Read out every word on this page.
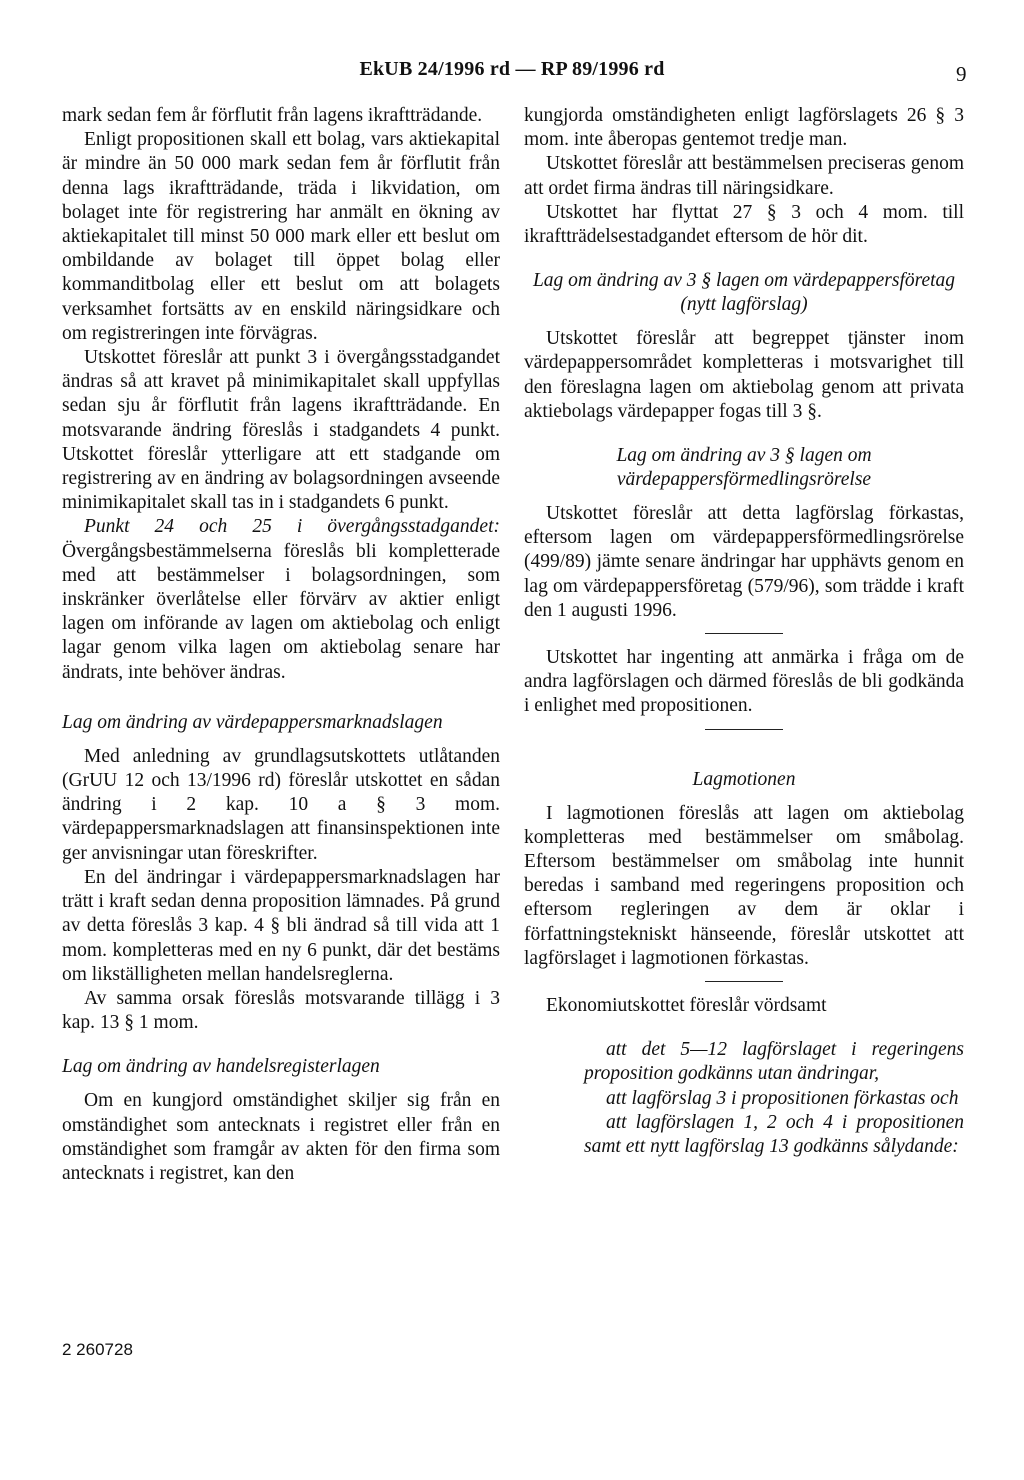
EkUB 24/1996 rd — RP 89/1996 rd	9

mark sedan fem år förflutit från lagens ikraftträdande.

Enligt propositionen skall ett bolag, vars aktiekapital är mindre än 50 000 mark sedan fem år förflutit från denna lags ikraftträdande, träda i likvidation, om bolaget inte för registrering har anmält en ökning av aktiekapitalet till minst 50 000 mark eller ett beslut om ombildande av bolaget till öppet bolag eller kommanditbolag eller ett beslut om att bolagets verksamhet fortsätts av en enskild näringsidkare och om registreringen inte förvägras.

Utskottet föreslår att punkt 3 i övergångsstadgandet ändras så att kravet på minimikapitalet skall uppfyllas sedan sju år förflutit från lagens ikraftträdande. En motsvarande ändring föreslås i stadgandets 4 punkt. Utskottet föreslår ytterligare att ett stadgande om registrering av en ändring av bolagsordningen avseende minimikapitalet skall tas in i stadgandets 6 punkt.

Punkt 24 och 25 i övergångsstadgandet: Övergångsbestämmelserna föreslås bli kompletterade med att bestämmelser i bolagsordningen, som inskränker överlåtelse eller förvärv av aktier enligt lagen om införande av lagen om aktiebolag och enligt lagar genom vilka lagen om aktiebolag senare har ändrats, inte behöver ändras.

Lag om ändring av värdepappersmarknadslagen

Med anledning av grundlagsutskottets utlåtanden (GrUU 12 och 13/1996 rd) föreslår utskottet en sådan ändring i 2 kap. 10 a § 3 mom. värdepappersmarknadslagen att finansinspektionen inte ger anvisningar utan föreskrifter.

En del ändringar i värdepappersmarknadslagen har trätt i kraft sedan denna proposition lämnades. På grund av detta föreslås 3 kap. 4 § bli ändrad så till vida att 1 mom. kompletteras med en ny 6 punkt, där det bestäms om likställigheten mellan handelsreglerna.

Av samma orsak föreslås motsvarande tillägg i 3 kap. 13 § 1 mom.

Lag om ändring av handelsregisterlagen

Om en kungjord omständighet skiljer sig från en omständighet som antecknats i registret eller från en omständighet som framgår av akten för den firma som antecknats i registret, kan den

kungjorda omständigheten enligt lagförslagets 26 § 3 mom. inte åberopas gentemot tredje man.

Utskottet föreslår att bestämmelsen preciseras genom att ordet firma ändras till näringsidkare.

Utskottet har flyttat 27 § 3 och 4 mom. till ikraftträdelsestadgandet eftersom de hör dit.

Lag om ändring av 3 § lagen om värdepappersföretag (nytt lagförslag)

Utskottet föreslår att begreppet tjänster inom värdepappersområdet kompletteras i motsvarighet till den föreslagna lagen om aktiebolag genom att privata aktiebolags värdepapper fogas till 3 §.

Lag om ändring av 3 § lagen om värdepappersförmedlingsrörelse

Utskottet föreslår att detta lagförslag förkastas, eftersom lagen om värdepappersförmedlingsrörelse (499/89) jämte senare ändringar har upphävts genom en lag om värdepappersföretag (579/96), som trädde i kraft den 1 augusti 1996.

Utskottet har ingenting att anmärka i fråga om de andra lagförslagen och därmed föreslås de bli godkända i enlighet med propositionen.

Lagmotionen

I lagmotionen föreslås att lagen om aktiebolag kompletteras med bestämmelser om småbolag. Eftersom bestämmelser om småbolag inte hunnit beredas i samband med regeringens proposition och eftersom regleringen av dem är oklar i författningstekniskt hänseende, föreslår utskottet att lagförslaget i lagmotionen förkastas.

Ekonomiutskottet föreslår vördsamt

att det 5—12 lagförslaget i regeringens proposition godkänns utan ändringar,

att lagförslag 3 i propositionen förkastas och

att lagförslagen 1, 2 och 4 i propositionen samt ett nytt lagförslag 13 godkänns sålydande:

2 260728
